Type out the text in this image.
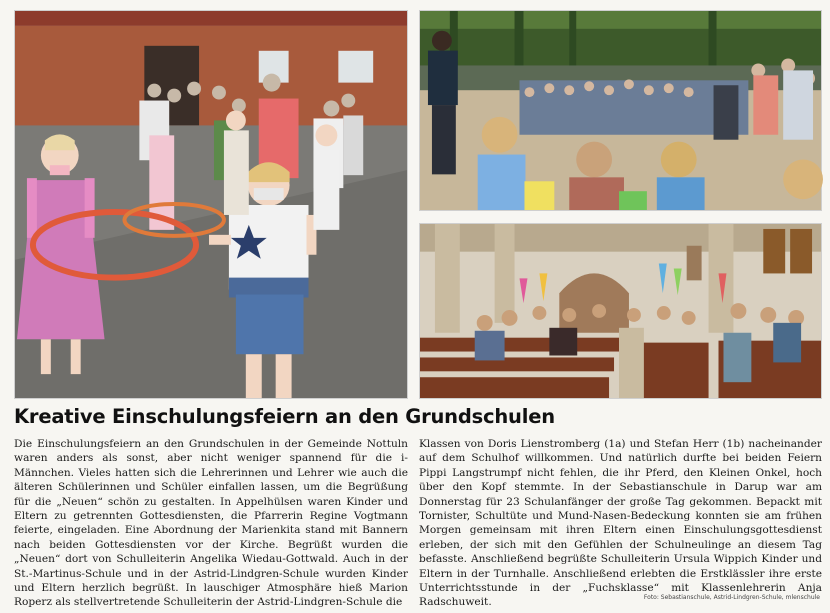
Kreative Einschulungsfeiern an den Grundschulen

Die Einschulungsfeiern an den Grundschulen in der Gemeinde Nottuln waren anders als sonst, aber nicht weniger spannend für die i-Männchen. Vieles hatten sich die Lehrerinnen und Lehrer wie auch die älteren Schülerinnen und Schüler einfallen lassen, um die Begrüßung für die „Neuen“ schön zu gestalten. In Appelhülsen waren Kinder und Eltern zu getrennten Gottesdiensten, die Pfarrerin Regine Vogtmann feierte, eingeladen. Eine Abordnung der Marienkita stand mit Bannern nach beiden Gottesdiensten vor der Kirche. Begrüßt wurden die „Neuen“ dort von Schulleiterin Angelika Wiedau-Gottwald. Auch in der St.-Martinus-Schule und in der Astrid-Lindgren-Schule wurden Kinder und Eltern herzlich begrüßt. In lauschiger Atmosphäre hieß Marion Roperz als stellvertretende Schulleiterin der Astrid-Lindgren-Schule die

Klassen von Doris Lienstromberg (1a) und Stefan Herr (1b) nacheinander auf dem Schulhof willkommen. Und natürlich durfte bei beiden Feiern Pippi Langstrumpf nicht fehlen, die ihr Pferd, den Kleinen Onkel, hoch über den Kopf stemmte. In der Sebastianschule in Darup war am Donnerstag für 23 Schulanfänger der große Tag gekommen. Bepackt mit Tornister, Schultüte und Mund-Nasen-Bedeckung konnten sie am frühen Morgen gemeinsam mit ihren Eltern einen Einschulungsgottesdienst erleben, der sich mit den Gefühlen der Schulneulinge an diesem Tag befasste. Anschließend begrüßte Schulleiterin Ursula Wippich Kinder und Eltern in der Turnhalle. Anschließend erlebten die Erstklässler ihre erste Unterrichtsstunde in der „Fuchsklasse“ mit Klassenlehrerin Anja Radschuweit.	Foto: Sebastianschule, Astrid-Lindgren-Schule, mlenschule
